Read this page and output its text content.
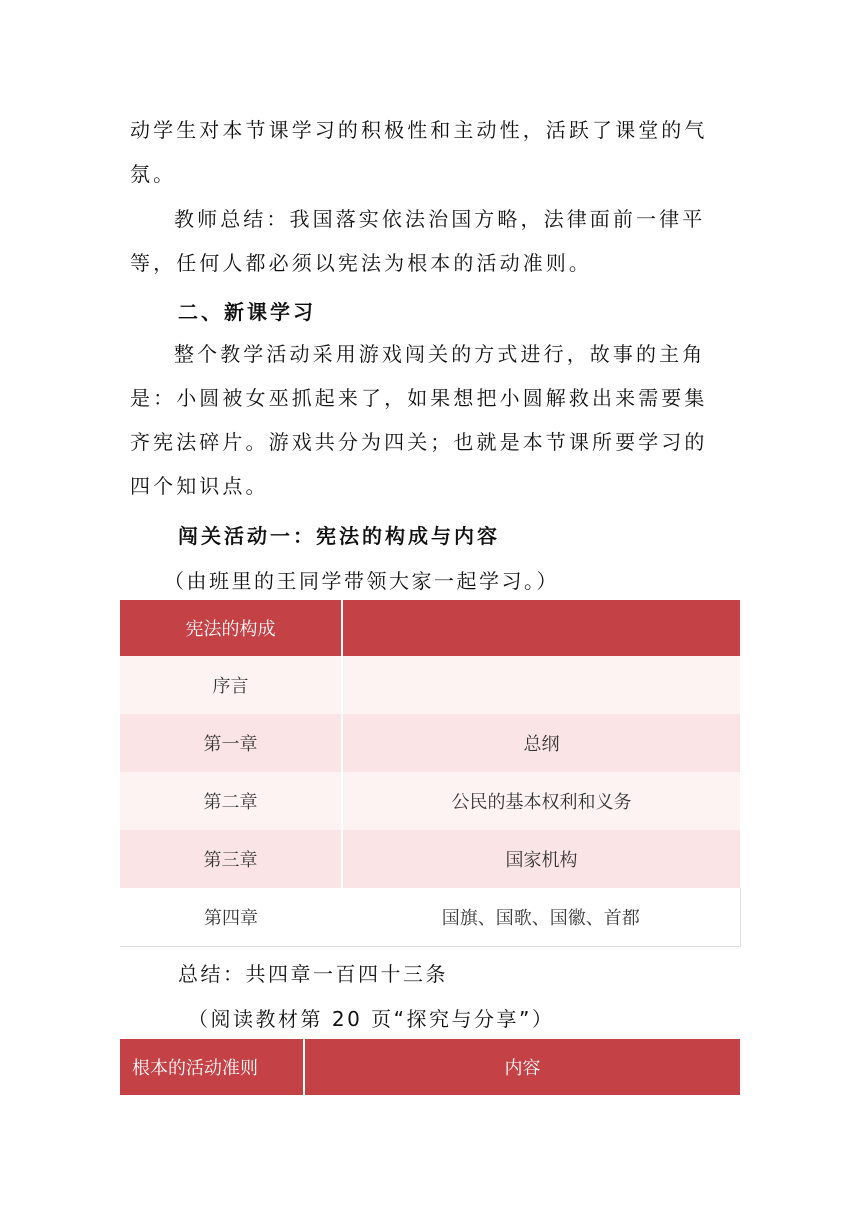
动学生对本节课学习的积极性和主动性，活跃了课堂的气
氛。
教师总结：我国落实依法治国方略，法律面前一律平
等，任何人都必须以宪法为根本的活动准则。

二、新课学习

整个教学活动采用游戏闯关的方式进行，故事的主角
是：小圆被女巫抓起来了，如果想把小圆解救出来需要集
齐宪法碎片。游戏共分为四关；也就是本节课所要学习的
四个知识点。

闯关活动一：宪法的构成与内容

（由班里的王同学带领大家一起学习。）

宪法的构成	
序言	
第一章	总纲
第二章	公民的基本权利和义务
第三章	国家机构
第四章	国旗、国歌、国徽、首都

总结：共四章一百四十三条

（阅读教材第 20 页“探究与分享”）

根本的活动准则	内容
